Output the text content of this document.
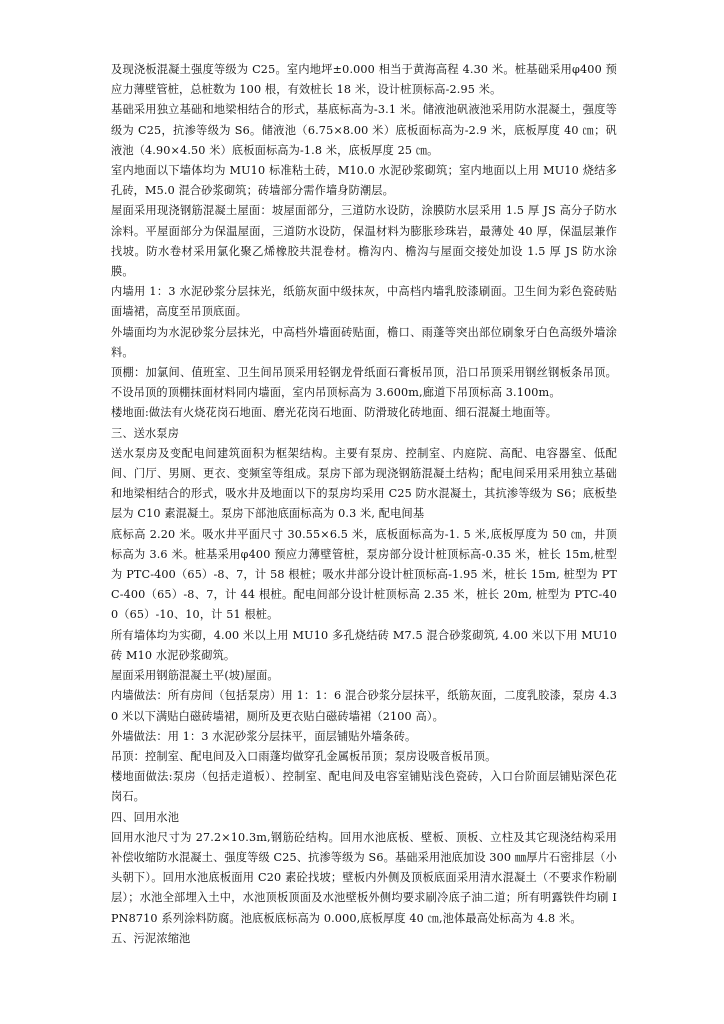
及现浇板混凝土强度等级为 C25。室内地坪±0.000 相当于黄海高程 4.30 米。桩基础采用φ400 预应力薄壁管桩，总桩数为 100 根，有效桩长 18 米，设计桩顶标高-2.95 米。

基础采用独立基础和地梁相结合的形式，基底标高为-3.1 米。储液池矾液池采用防水混凝土，强度等级为 C25，抗渗等级为 S6。储液池（6.75×8.00 米）底板面标高为-2.9 米，底板厚度 40 ㎝；矾液池（4.90×4.50 米）底板面标高为-1.8 米，底板厚度 25 ㎝。

室内地面以下墙体均为 MU10 标准粘土砖，M10.0 水泥砂浆砌筑；室内地面以上用 MU10 烧结多孔砖，M5.0 混合砂浆砌筑；砖墙部分需作墙身防潮层。

屋面采用现浇钢筋混凝土屋面：坡屋面部分，三道防水设防，涂膜防水层采用 1.5 厚 JS 高分子防水涂料。平屋面部分为保温屋面，三道防水设防，保温材料为膨胀珍珠岩，最薄处 40 厚，保温层兼作找坡。防水卷材采用氯化聚乙烯橡胶共混卷材。檐沟内、檐沟与屋面交接处加设 1.5 厚 JS 防水涂膜。

内墙用 1：3 水泥砂浆分层抹光，纸筋灰面中级抹灰，中高档内墙乳胶漆刷面。卫生间为彩色瓷砖贴面墙裙，高度至吊顶底面。

外墙面均为水泥砂浆分层抹光，中高档外墙面砖贴面，檐口、雨蓬等突出部位刷象牙白色高级外墙涂料。

顶棚：加氯间、值班室、卫生间吊顶采用轻钢龙骨纸面石膏板吊顶，沿口吊顶采用钢丝钢板条吊顶。不设吊顶的顶棚抹面材料同内墙面，室内吊顶标高为 3.600m,廊道下吊顶标高 3.100m。

楼地面:做法有火烧花岗石地面、磨光花岗石地面、防滑玻化砖地面、细石混凝土地面等。

三、送水泵房

送水泵房及变配电间建筑面积为框架结构。主要有泵房、控制室、内庭院、高配、电容器室、低配间、门厅、男厕、更衣、变频室等组成。泵房下部为现浇钢筋混凝土结构；配电间采用采用独立基础和地梁相结合的形式，吸水井及地面以下的泵房均采用 C25 防水混凝土，其抗渗等级为 S6；底板垫层为 C10 素混凝土。泵房下部池底面标高为 0.3 米, 配电间基

底标高 2.20 米。吸水井平面尺寸 30.55×6.5 米，底板面标高为-1. 5 米,底板厚度为 50 ㎝，井顶标高为 3.6 米。桩基采用φ400 预应力薄壁管桩，泵房部分设计桩顶标高-0.35 米，桩长 15m,桩型为 PTC-400（65）-8、7，计 58 根桩；吸水井部分设计桩顶标高-1.95 米，桩长 15m, 桩型为 PTC-400（65）-8、7，计 44 根桩。配电间部分设计桩顶标高 2.35 米，桩长 20m, 桩型为 PTC-400（65）-10、10，计 51 根桩。

所有墙体均为实砌，4.00 米以上用 MU10 多孔烧结砖 M7.5 混合砂浆砌筑, 4.00 米以下用 MU10 砖 M10 水泥砂浆砌筑。

屋面采用钢筋混凝土平(坡)屋面。

内墙做法：所有房间（包括泵房）用 1：1：6 混合砂浆分层抹平，纸筋灰面，二度乳胶漆，泵房 4.30 米以下满贴白磁砖墙裙，厕所及更衣贴白磁砖墙裙（2100 高）。

外墙做法：用 1：3 水泥砂浆分层抹平，面层铺贴外墙条砖。

吊顶：控制室、配电间及入口雨蓬均做穿孔金属板吊顶；泵房设吸音板吊顶。

楼地面做法:泵房（包括走道板）、控制室、配电间及电容室铺贴浅色瓷砖，入口台阶面层铺贴深色花岗石。

四、回用水池

回用水池尺寸为 27.2×10.3m,钢筋砼结构。回用水池底板、壁板、顶板、立柱及其它现浇结构采用补偿收缩防水混凝土、强度等级 C25、抗渗等级为 S6。基础采用池底加设 300 ㎜厚片石密排层（小头朝下）。回用水池底板面用 C20 素砼找坡；壁板内外侧及顶板底面采用清水混凝土（不要求作粉刷层）；水池全部埋入土中，水池顶板顶面及水池壁板外侧均要求刷冷底子油二道；所有明露铁件均刷 IPN8710 系列涂料防腐。池底板底标高为 0.000,底板厚度 40 ㎝,池体最高处标高为 4.8 米。

五、污泥浓缩池
